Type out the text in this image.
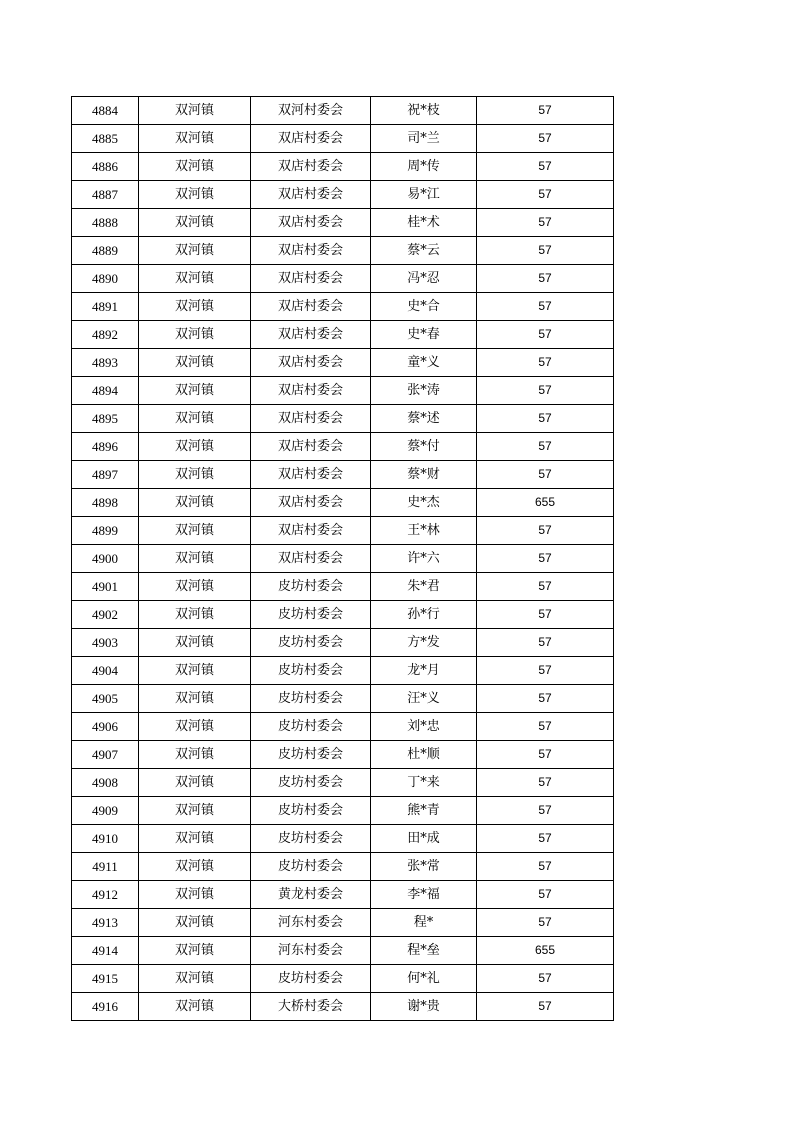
4884	双河镇	双河村委会	祝*枝	57
4885	双河镇	双店村委会	司*兰	57
4886	双河镇	双店村委会	周*传	57
4887	双河镇	双店村委会	易*江	57
4888	双河镇	双店村委会	桂*术	57
4889	双河镇	双店村委会	蔡*云	57
4890	双河镇	双店村委会	冯*忍	57
4891	双河镇	双店村委会	史*合	57
4892	双河镇	双店村委会	史*春	57
4893	双河镇	双店村委会	童*义	57
4894	双河镇	双店村委会	张*涛	57
4895	双河镇	双店村委会	蔡*述	57
4896	双河镇	双店村委会	蔡*付	57
4897	双河镇	双店村委会	蔡*财	57
4898	双河镇	双店村委会	史*杰	655
4899	双河镇	双店村委会	王*林	57
4900	双河镇	双店村委会	许*六	57
4901	双河镇	皮坊村委会	朱*君	57
4902	双河镇	皮坊村委会	孙*行	57
4903	双河镇	皮坊村委会	方*发	57
4904	双河镇	皮坊村委会	龙*月	57
4905	双河镇	皮坊村委会	汪*义	57
4906	双河镇	皮坊村委会	刘*忠	57
4907	双河镇	皮坊村委会	杜*顺	57
4908	双河镇	皮坊村委会	丁*来	57
4909	双河镇	皮坊村委会	熊*青	57
4910	双河镇	皮坊村委会	田*成	57
4911	双河镇	皮坊村委会	张*常	57
4912	双河镇	黄龙村委会	李*福	57
4913	双河镇	河东村委会	程*	57
4914	双河镇	河东村委会	程*垒	655
4915	双河镇	皮坊村委会	何*礼	57
4916	双河镇	大桥村委会	谢*贵	57
